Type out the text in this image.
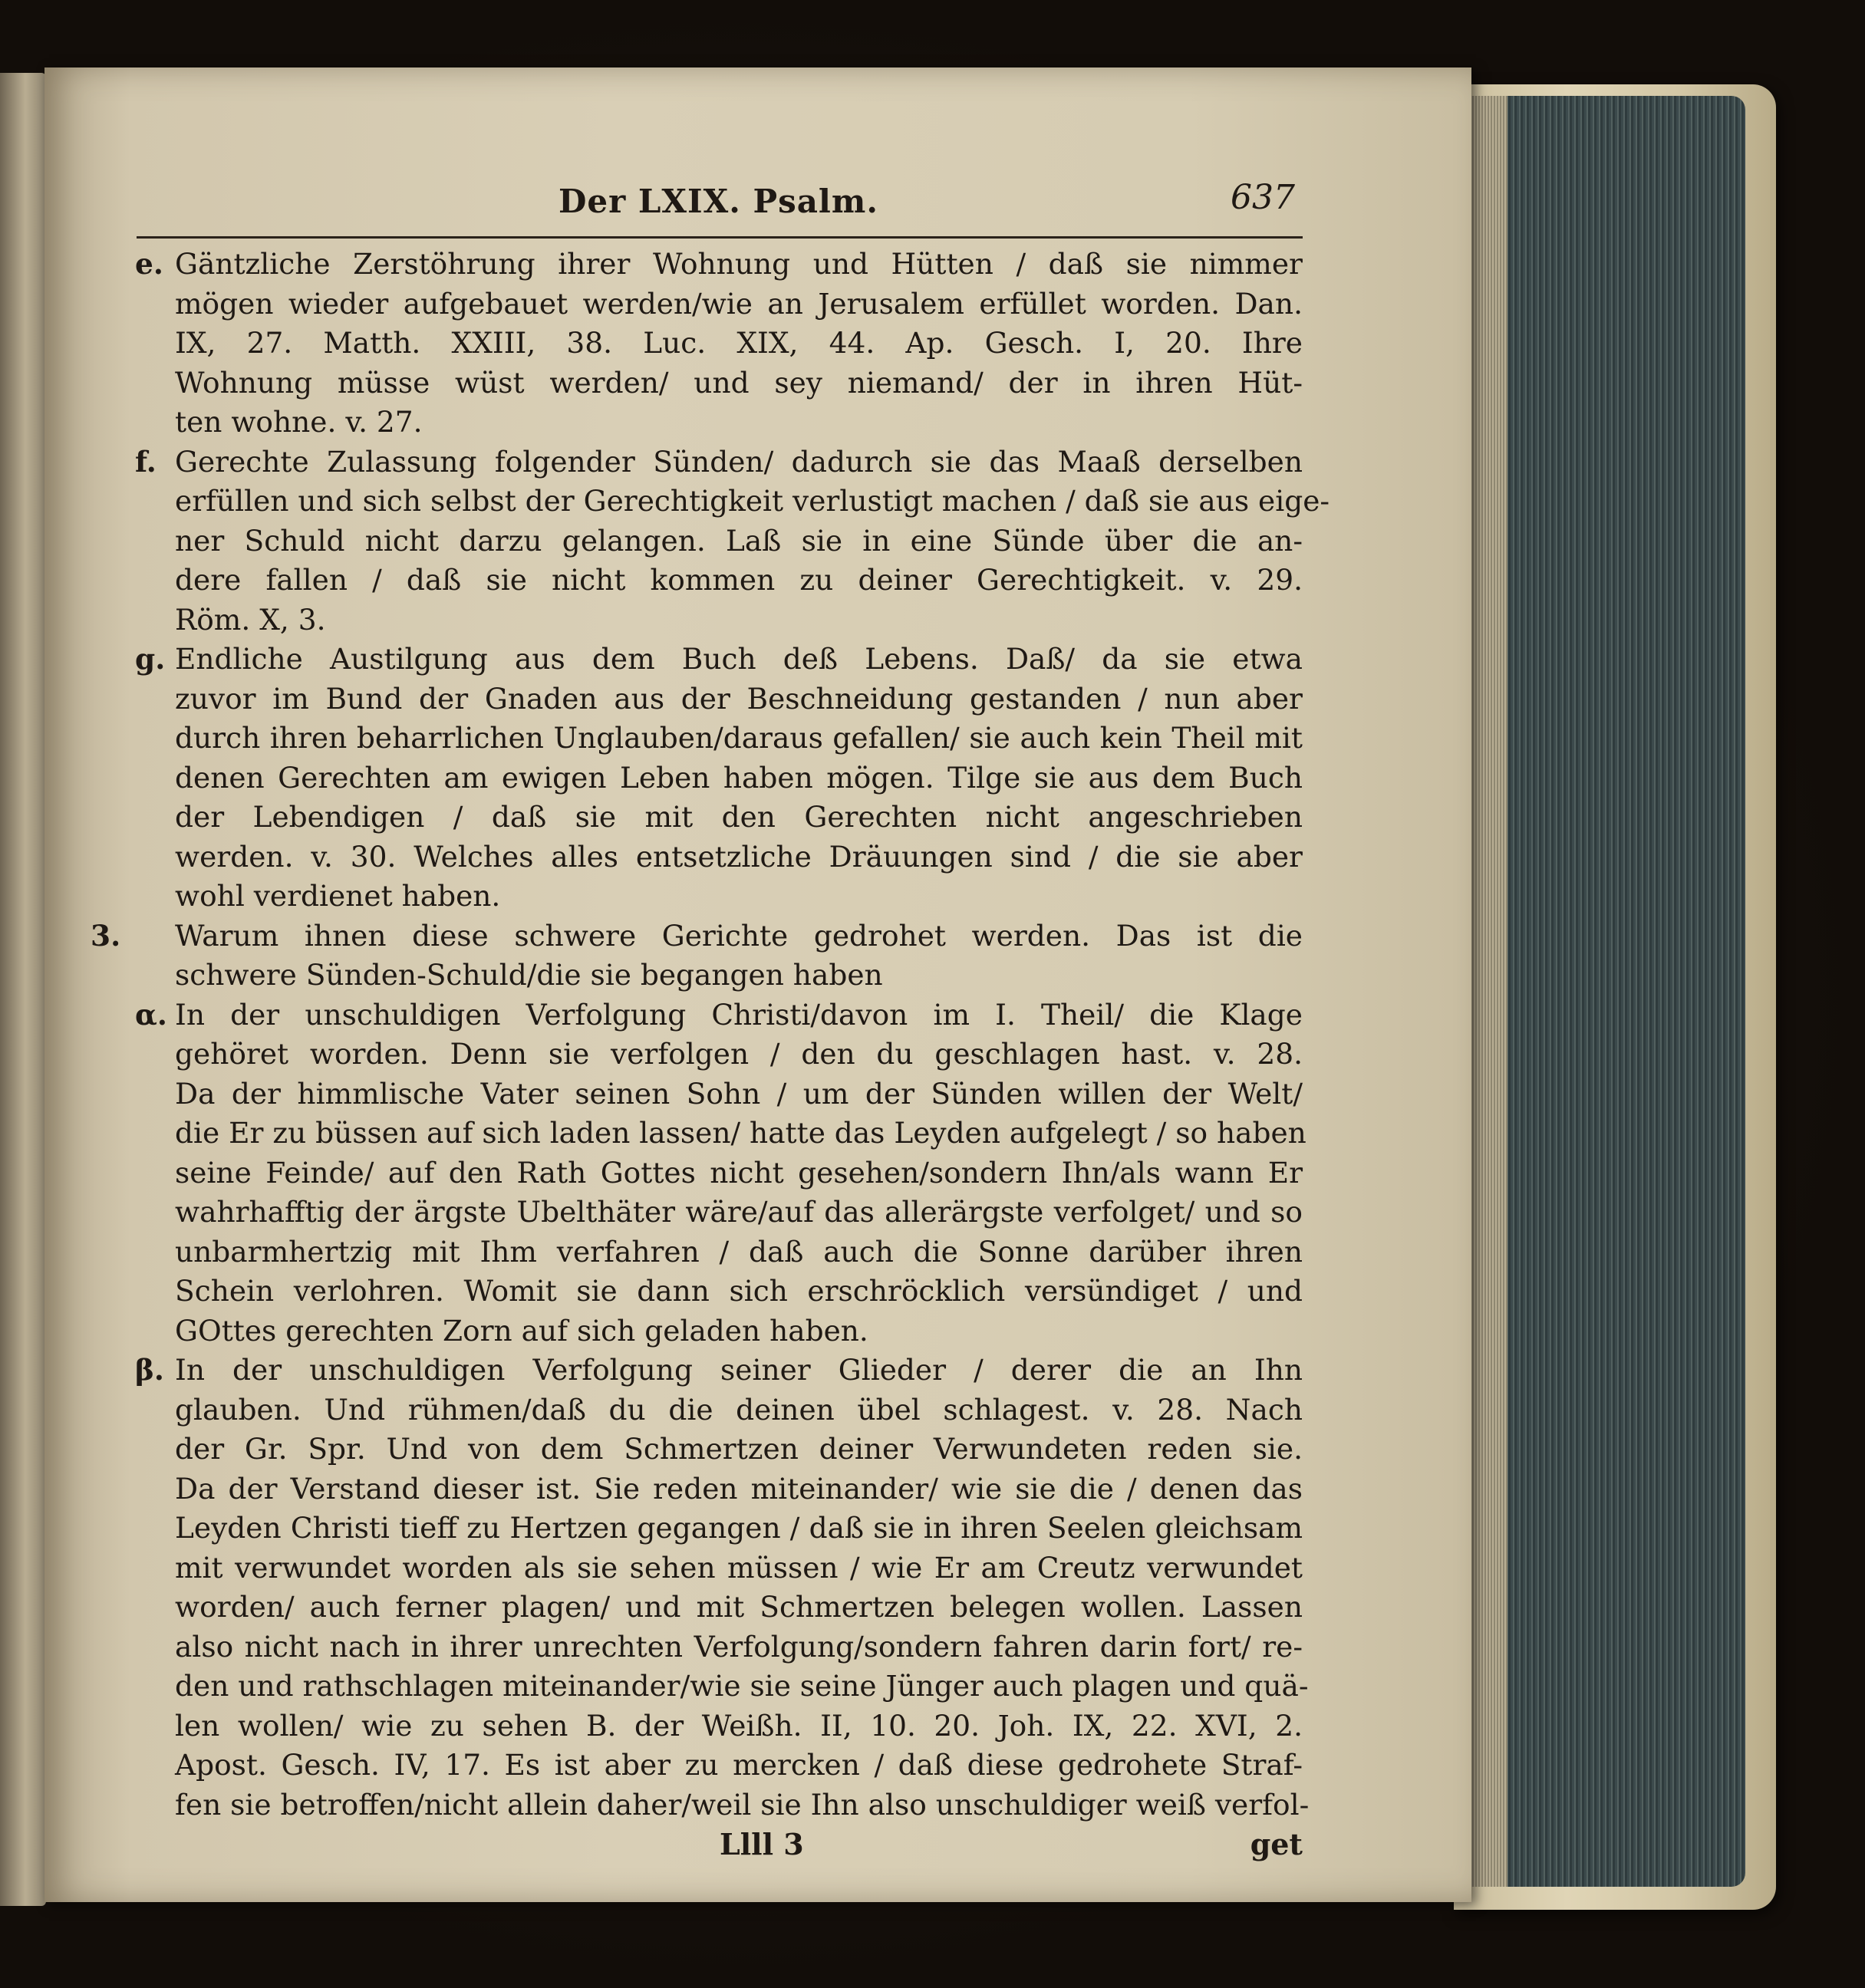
Der LXIX. Psalm.	637
e. Gäntzliche Zerstöhrung ihrer Wohnung und Hütten / daß sie nimmer
mögen wieder aufgebauet werden/wie an Jerusalem erfüllet worden. Dan.
IX, 27. Matth. XXIII, 38. Luc. XIX, 44. Ap. Gesch. I, 20. Ihre
Wohnung müsse wüst werden/ und sey niemand/ der in ihren Hüt-
ten wohne. v. 27.
f. Gerechte Zulassung folgender Sünden/ dadurch sie das Maaß derselben
erfüllen und sich selbst der Gerechtigkeit verlustigt machen / daß sie aus eige-
ner Schuld nicht darzu gelangen. Laß sie in eine Sünde über die an-
dere fallen / daß sie nicht kommen zu deiner Gerechtigkeit. v. 29.
Röm. X, 3.
g. Endliche Austilgung aus dem Buch deß Lebens. Daß/ da sie etwa
zuvor im Bund der Gnaden aus der Beschneidung gestanden / nun aber
durch ihren beharrlichen Unglauben/daraus gefallen/ sie auch kein Theil mit
denen Gerechten am ewigen Leben haben mögen. Tilge sie aus dem Buch
der Lebendigen / daß sie mit den Gerechten nicht angeschrieben
werden. v. 30. Welches alles entsetzliche Dräuungen sind / die sie aber
wohl verdienet haben.
3. Warum ihnen diese schwere Gerichte gedrohet werden. Das ist die
schwere Sünden-Schuld/die sie begangen haben
α. In der unschuldigen Verfolgung Christi/davon im I. Theil/ die Klage
gehöret worden. Denn sie verfolgen / den du geschlagen hast. v. 28.
Da der himmlische Vater seinen Sohn / um der Sünden willen der Welt/
die Er zu büssen auf sich laden lassen/ hatte das Leyden aufgelegt / so haben
seine Feinde/ auf den Rath Gottes nicht gesehen/sondern Ihn/als wann Er
wahrhafftig der ärgste Ubelthäter wäre/auf das allerärgste verfolget/ und so
unbarmhertzig mit Ihm verfahren / daß auch die Sonne darüber ihren
Schein verlohren. Womit sie dann sich erschröcklich versündiget / und
GOttes gerechten Zorn auf sich geladen haben.
β. In der unschuldigen Verfolgung seiner Glieder / derer die an Ihn
glauben. Und rühmen/daß du die deinen übel schlagest. v. 28. Nach
der Gr. Spr. Und von dem Schmertzen deiner Verwundeten reden sie.
Da der Verstand dieser ist. Sie reden miteinander/ wie sie die / denen das
Leyden Christi tieff zu Hertzen gegangen / daß sie in ihren Seelen gleichsam
mit verwundet worden als sie sehen müssen / wie Er am Creutz verwundet
worden/ auch ferner plagen/ und mit Schmertzen belegen wollen. Lassen
also nicht nach in ihrer unrechten Verfolgung/sondern fahren darin fort/ re-
den und rathschlagen miteinander/wie sie seine Jünger auch plagen und quä-
len wollen/ wie zu sehen B. der Weißh. II, 10. 20. Joh. IX, 22. XVI, 2.
Apost. Gesch. IV, 17. Es ist aber zu mercken / daß diese gedrohete Straf-
fen sie betroffen/nicht allein daher/weil sie Ihn also unschuldiger weiß verfol-
Llll 3	get
